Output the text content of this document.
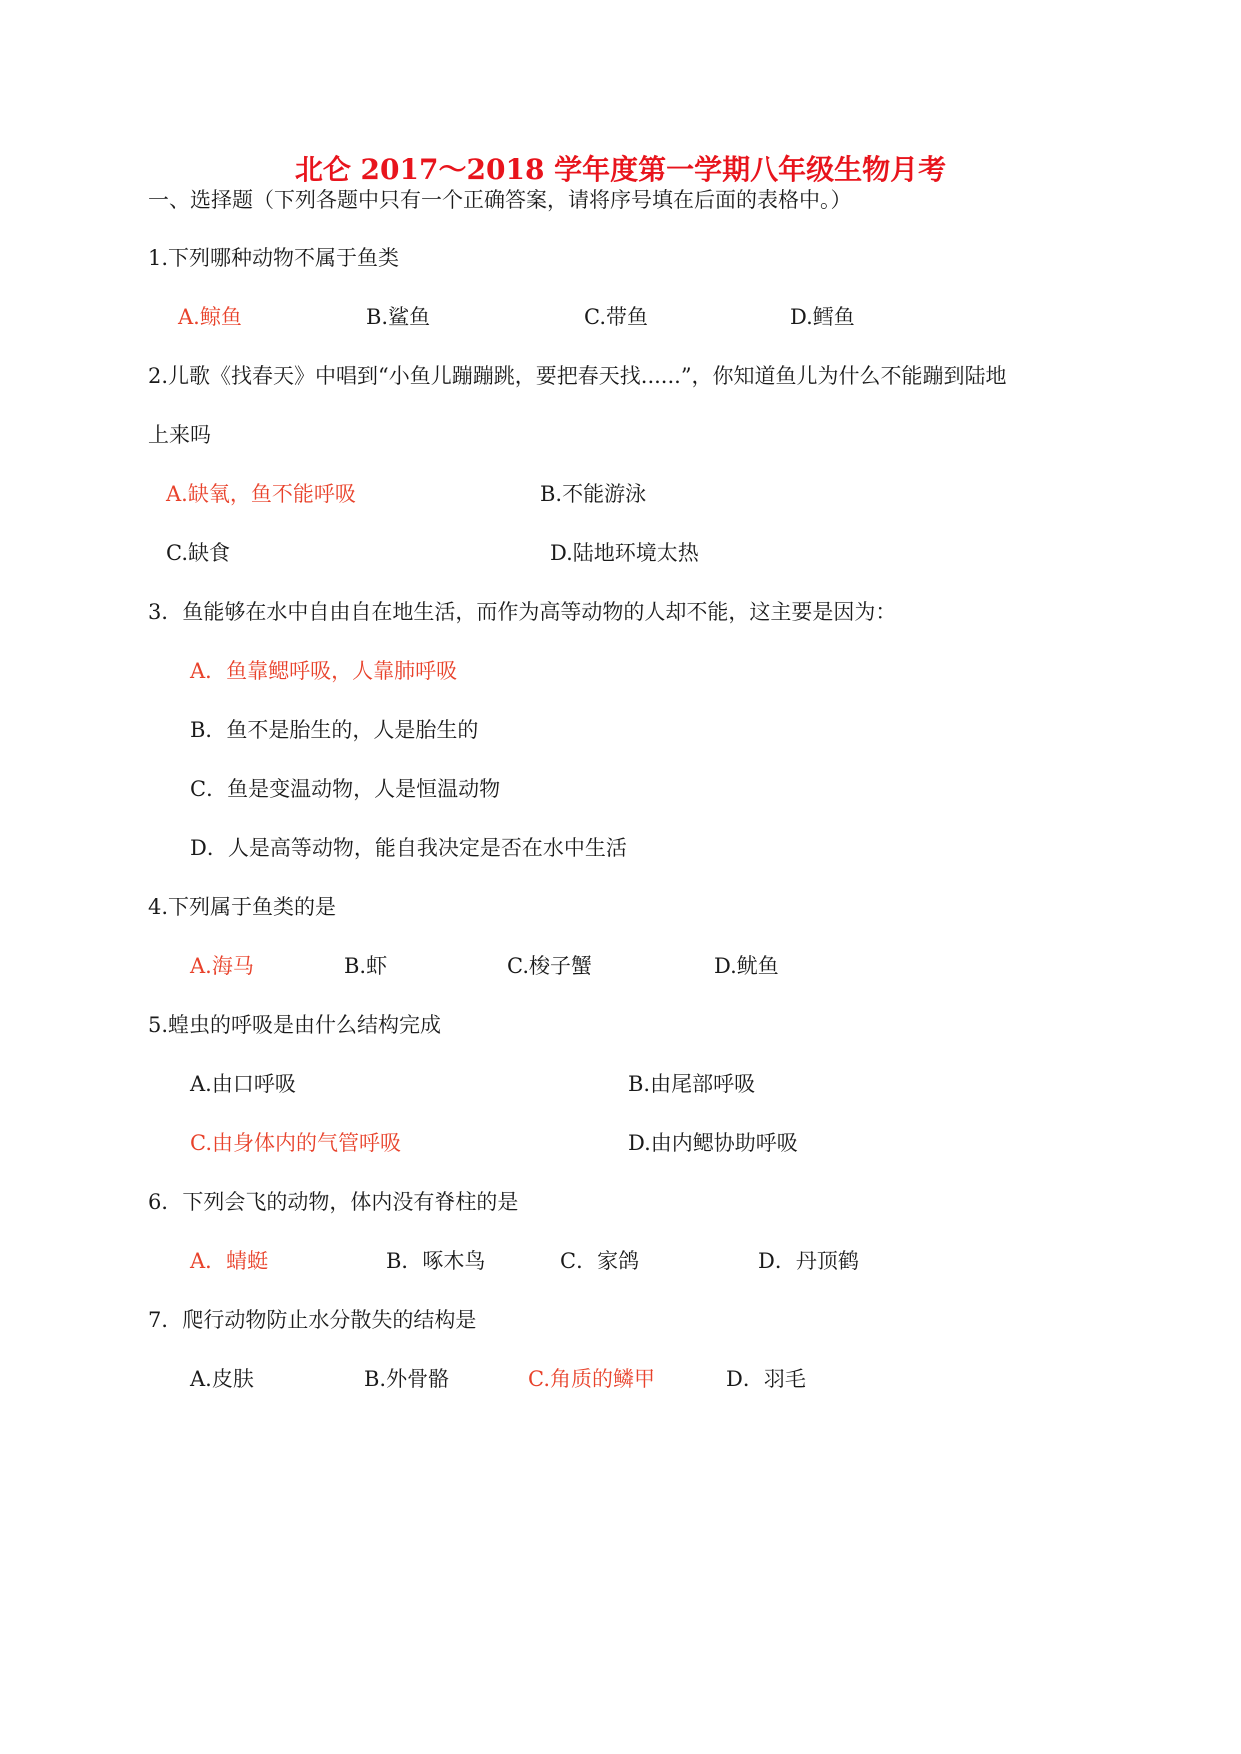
北仑 2017～2018 学年度第一学期八年级生物月考
一、选择题（下列各题中只有一个正确答案，请将序号填在后面的表格中。）
1.下列哪种动物不属于鱼类
A.鲸鱼	B.鲨鱼	C.带鱼	D.鳕鱼
2.儿歌《找春天》中唱到“小鱼儿蹦蹦跳，要把春天找......”，你知道鱼儿为什么不能蹦到陆地
上来吗
A.缺氧，鱼不能呼吸	B.不能游泳
C.缺食	D.陆地环境太热
3．鱼能够在水中自由自在地生活，而作为高等动物的人却不能，这主要是因为：
A．鱼靠鳃呼吸，人靠肺呼吸
B．鱼不是胎生的，人是胎生的
C．鱼是变温动物，人是恒温动物
D．人是高等动物，能自我决定是否在水中生活
4.下列属于鱼类的是
A.海马	B.虾	C.梭子蟹	D.鱿鱼
5.蝗虫的呼吸是由什么结构完成
A.由口呼吸	B.由尾部呼吸
C.由身体内的气管呼吸	D.由内鳃协助呼吸
6．下列会飞的动物，体内没有脊柱的是
A．蜻蜓	B．啄木鸟	C．家鸽	D．丹顶鹤
7．爬行动物防止水分散失的结构是
A.皮肤	B.外骨骼	C.角质的鳞甲	D．羽毛
